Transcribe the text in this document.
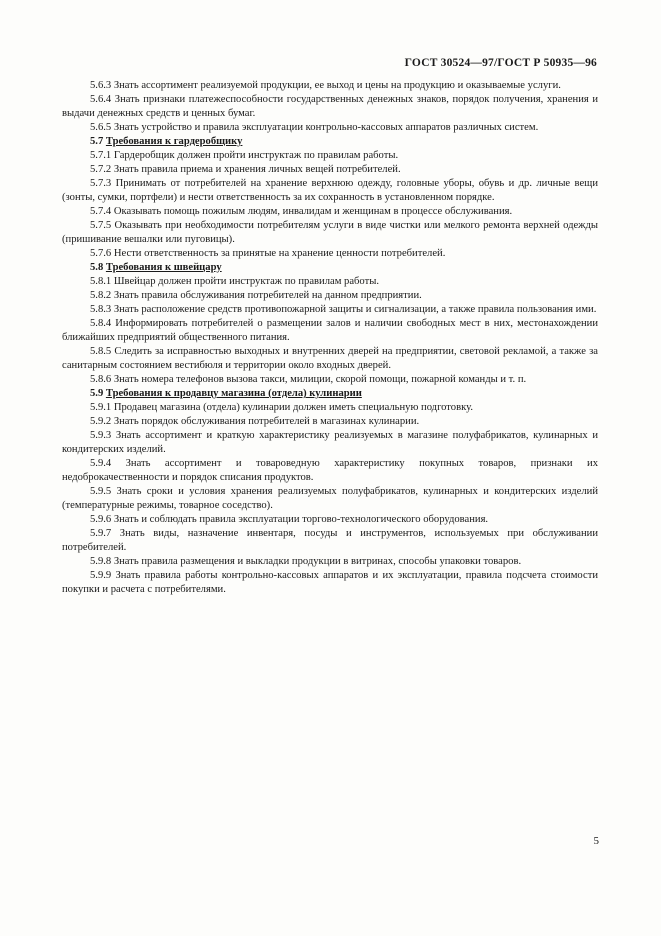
ГОСТ 30524—97/ГОСТ Р 50935—96

5.6.3 Знать ассортимент реализуемой продукции, ее выход и цены на продукцию и оказываемые услуги.

5.6.4 Знать признаки платежеспособности государственных денежных знаков, порядок получения, хранения и выдачи денежных средств и ценных бумаг.

5.6.5 Знать устройство и правила эксплуатации контрольно-кассовых аппаратов различных систем.

5.7 Требования к гардеробщику

5.7.1 Гардеробщик должен пройти инструктаж по правилам работы.

5.7.2 Знать правила приема и хранения личных вещей потребителей.

5.7.3 Принимать от потребителей на хранение верхнюю одежду, головные уборы, обувь и др. личные вещи (зонты, сумки, портфели) и нести ответственность за их сохранность в установленном порядке.

5.7.4 Оказывать помощь пожилым людям, инвалидам и женщинам в процессе обслуживания.

5.7.5 Оказывать при необходимости потребителям услуги в виде чистки или мелкого ремонта верхней одежды (пришивание вешалки или пуговицы).

5.7.6 Нести ответственность за принятые на хранение ценности потребителей.

5.8 Требования к швейцару

5.8.1 Швейцар должен пройти инструктаж по правилам работы.

5.8.2 Знать правила обслуживания потребителей на данном предприятии.

5.8.3 Знать расположение средств противопожарной защиты и сигнализации, а также правила пользования ими.

5.8.4 Информировать потребителей о размещении залов и наличии свободных мест в них, местонахождении ближайших предприятий общественного питания.

5.8.5 Следить за исправностью выходных и внутренних дверей на предприятии, световой рекламой, а также за санитарным состоянием вестибюля и территории около входных дверей.

5.8.6 Знать номера телефонов вызова такси, милиции, скорой помощи, пожарной команды и т. п.

5.9 Требования к продавцу магазина (отдела) кулинарии

5.9.1 Продавец магазина (отдела) кулинарии должен иметь специальную подготовку.

5.9.2 Знать порядок обслуживания потребителей в магазинах кулинарии.

5.9.3 Знать ассортимент и краткую характеристику реализуемых в магазине полуфабрикатов, кулинарных и кондитерских изделий.

5.9.4 Знать ассортимент и товароведную характеристику покупных товаров, признаки их недоброкачественности и порядок списания продуктов.

5.9.5 Знать сроки и условия хранения реализуемых полуфабрикатов, кулинарных и кондитерских изделий (температурные режимы, товарное соседство).

5.9.6 Знать и соблюдать правила эксплуатации торгово-технологического оборудования.

5.9.7 Знать виды, назначение инвентаря, посуды и инструментов, используемых при обслуживании потребителей.

5.9.8 Знать правила размещения и выкладки продукции в витринах, способы упаковки товаров.

5.9.9 Знать правила работы контрольно-кассовых аппаратов и их эксплуатации, правила подсчета стоимости покупки и расчета с потребителями.

5
